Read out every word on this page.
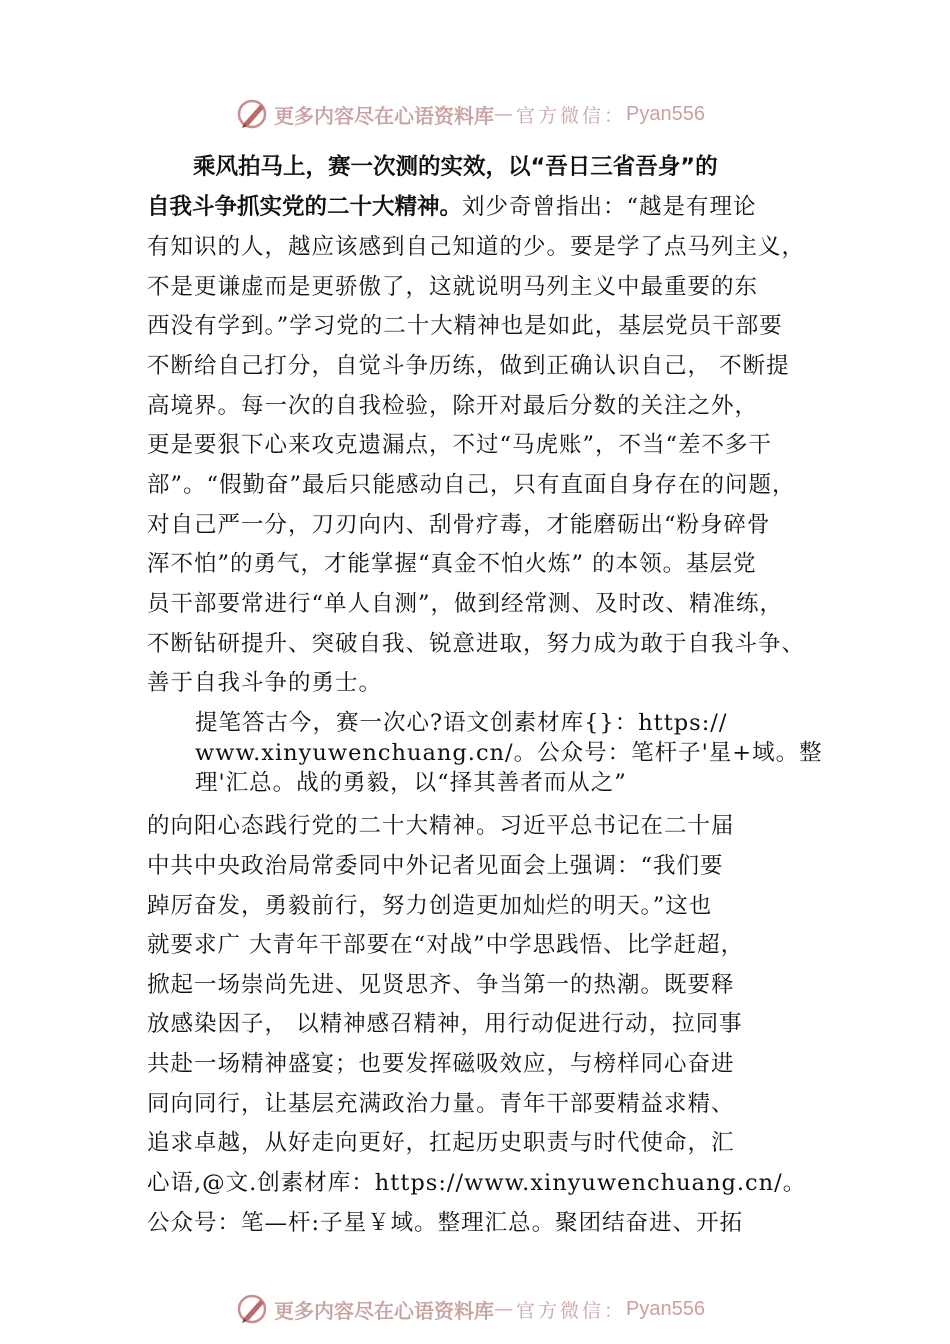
更多内容尽在心语资料库 — 官方微信： Pyan556
乘风拍马上，赛一次测的实效，以“吾日三省吾身”的
自我斗争抓实党的二十大精神。刘少奇曾指出：“越是有理论
有知识的人，越应该感到自己知道的少。要是学了点马列主义，
不是更谦虚而是更骄傲了，这就说明马列主义中最重要的东
西没有学到。”学习党的二十大精神也是如此，基层党员干部要
不断给自己打分，自觉斗争历练，做到正确认识自己， 不断提
高境界。每一次的自我检验，除开对最后分数的关注之外，
更是要狠下心来攻克遗漏点，不过“马虎账”，不当“差不多干
部”。“假勤奋”最后只能感动自己，只有直面自身存在的问题，
对自己严一分，刀刃向内、刮骨疗毒，才能磨砺出“粉身碎骨
浑不怕”的勇气，才能掌握“真金不怕火炼” 的本领。基层党
员干部要常进行“单人自测”，做到经常测、及时改、精准练，
不断钻研提升、突破自我、锐意进取，努力成为敢于自我斗争、
善于自我斗争的勇士。
提笔答古今，赛一次心?语文创素材库{}：https://
www.xinyuwenchuang.cn/。公众号：笔杆子'星+域。整
理'汇总。战的勇毅，以“择其善者而从之”
的向阳心态践行党的二十大精神。习近平总书记在二十届
中共中央政治局常委同中外记者见面会上强调：“我们要
踔厉奋发，勇毅前行，努力创造更加灿烂的明天。”这也
就要求广 大青年干部要在“对战”中学思践悟、比学赶超，
掀起一场崇尚先进、见贤思齐、争当第一的热潮。既要释
放感染因子， 以精神感召精神，用行动促进行动，拉同事
共赴一场精神盛宴；也要发挥磁吸效应，与榜样同心奋进
同向同行，让基层充满政治力量。青年干部要精益求精、
追求卓越，从好走向更好，扛起历史职责与时代使命，汇
心语,@文.创素材库：https://www.xinyuwenchuang.cn/。
公众号：笔—杆:子星￥域。整理汇总。聚团结奋进、开拓
更多内容尽在心语资料库 — 官方微信： Pyan556
